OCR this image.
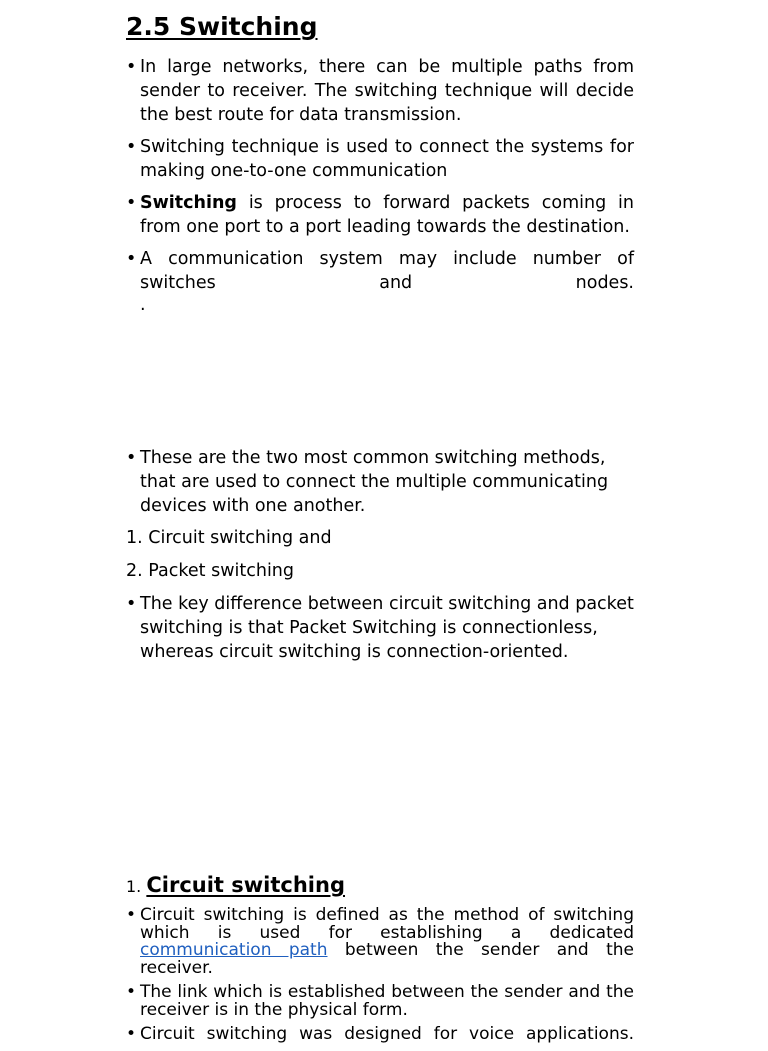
2.5 Switching

• In large networks, there can be multiple paths from sender to receiver. The switching technique will decide the best route for data transmission.

• Switching technique is used to connect the systems for making one-to-one communication

• Switching is process to forward packets coming in from one port to a port leading towards the destination.

• A communication system may include number of
switches and nodes.

.

• These are the two most common switching methods, that are used to connect the multiple communicating devices with one another.

1. Circuit switching and

2. Packet switching

• The key difference between circuit switching and packet switching is that Packet Switching is connectionless, whereas circuit switching is connection-oriented.

1. Circuit switching

• Circuit switching is defined as the method of switching which is used for establishing a dedicated communication path between the sender and the receiver.

• The link which is established between the sender and the receiver is in the physical form.

• Circuit switching was designed for voice applications.
